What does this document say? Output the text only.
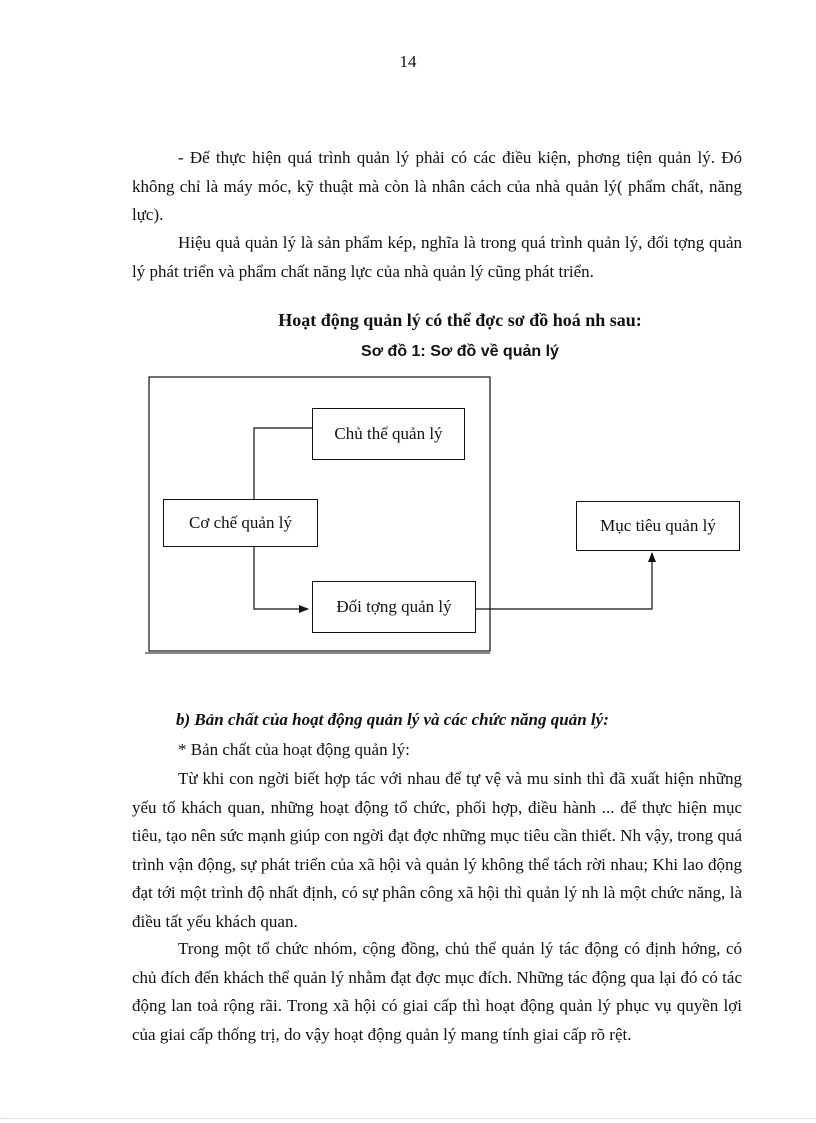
14

- Để thực hiện quá trình quản lý phải có các điều kiện, phơng tiện quản lý. Đó không chỉ là máy móc, kỹ thuật mà còn là nhân cách của nhà quản lý( phẩm chất, năng lực).

Hiệu quả quản lý là sản phẩm kép, nghĩa là trong quá trình quản lý, đối tợng quản lý phát triển và phẩm chất năng lực của nhà quản lý cũng phát triển.

Hoạt động quản lý có thể đợc sơ đồ hoá nh sau:
Sơ đồ 1: Sơ đồ về quản lý
Chủ thể quản lý
Cơ chế quản lý
Đối tợng quản lý
Mục tiêu quản lý

b) Bản chất của hoạt động quản lý và các chức năng quản lý:

* Bản chất của hoạt động quản lý:

Từ khi con ngời biết hợp tác với nhau để tự vệ và mu sinh thì đã xuất hiện những yếu tố khách quan, những hoạt động tổ chức, phối hợp, điều hành ... để thực hiện mục tiêu, tạo nên sức mạnh giúp con ngời đạt đợc những mục tiêu cần thiết. Nh vậy, trong quá trình vận động, sự phát triển của xã hội và quản lý không thể tách rời nhau; Khi lao động đạt tới một trình độ nhất định, có sự phân công xã hội thì quản lý nh là một chức năng, là điều tất yếu khách quan.

Trong một tổ chức nhóm, cộng đồng, chủ thể quản lý tác động có định hớng, có chủ đích đến khách thể quản lý nhằm đạt đợc mục đích. Những tác động qua lại đó có tác động lan toả rộng rãi. Trong xã hội có giai cấp thì hoạt động quản lý phục vụ quyền lợi của giai cấp thống trị, do vậy hoạt động quản lý mang tính giai cấp rõ rệt.
